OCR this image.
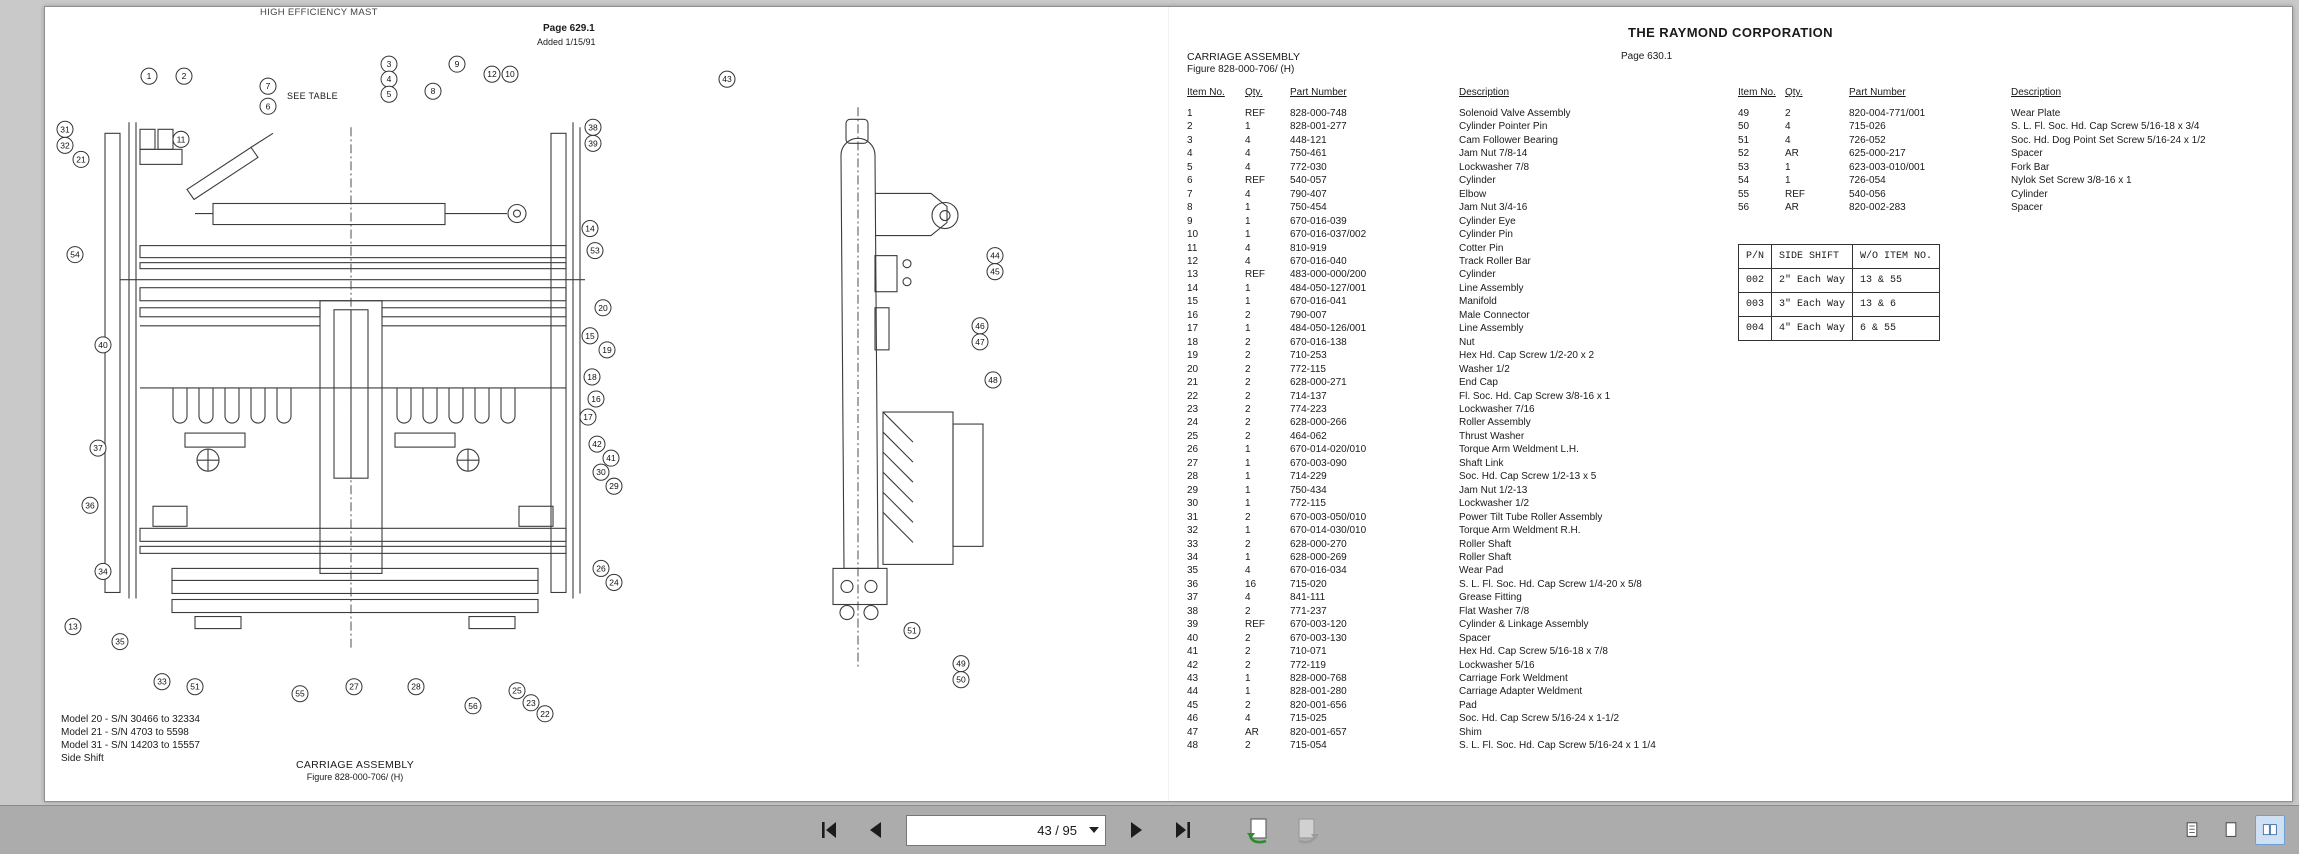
1	2
11
7
6
3
4
5	8
9
12 10
31
32
21
54
40
37
36
34
13
35
33
51
55
27	28
56
25
23
22
38
39
14
53
20
15
19
18
16
17
42
41
30
29
26
24
43
44
45
46
47
48
51
49
50
HIGH EFFICIENCY MAST
Page 629.1
Added 1/15/91
SEE TABLE
Model 20 - S/N 30466 to 32334
Model 21 - S/N 4703 to 5598
Model 31 - S/N 14203 to 15557
Side Shift
CARRIAGE ASSEMBLY
Figure 828-000-706/ (H)
THE RAYMOND CORPORATION
CARRIAGE ASSEMBLY
Figure 828-000-706/ (H)
Page 630.1
Item No.	Qty.	Part Number	Description
1	REF	828-000-748	Solenoid Valve Assembly
2	1	828-001-277	Cylinder Pointer Pin
3	4	448-121	Cam Follower Bearing
4	4	750-461	Jam Nut 7/8-14
5	4	772-030	Lockwasher 7/8
6	REF	540-057	Cylinder
7	4	790-407	Elbow
8	1	750-454	Jam Nut 3/4-16
9	1	670-016-039	Cylinder Eye
10	1	670-016-037/002	Cylinder Pin
11	4	810-919	Cotter Pin
12	4	670-016-040	Track Roller Bar
13	REF	483-000-000/200	Cylinder
14	1	484-050-127/001	Line Assembly
15	1	670-016-041	Manifold
16	2	790-007	Male Connector
17	1	484-050-126/001	Line Assembly
18	2	670-016-138	Nut
19	2	710-253	Hex Hd. Cap Screw 1/2-20 x 2
20	2	772-115	Washer 1/2
21	2	628-000-271	End Cap
22	2	714-137	Fl. Soc. Hd. Cap Screw 3/8-16 x 1
23	2	774-223	Lockwasher 7/16
24	2	628-000-266	Roller Assembly
25	2	464-062	Thrust Washer
26	1	670-014-020/010	Torque Arm Weldment L.H.
27	1	670-003-090	Shaft Link
28	1	714-229	Soc. Hd. Cap Screw 1/2-13 x 5
29	1	750-434	Jam Nut 1/2-13
30	1	772-115	Lockwasher 1/2
31	2	670-003-050/010	Power Tilt Tube Roller Assembly
32	1	670-014-030/010	Torque Arm Weldment R.H.
33	2	628-000-270	Roller Shaft
34	1	628-000-269	Roller Shaft
35	4	670-016-034	Wear Pad
36	16	715-020	S. L. Fl. Soc. Hd. Cap Screw 1/4-20 x 5/8
37	4	841-111	Grease Fitting
38	2	771-237	Flat Washer 7/8
39	REF	670-003-120	Cylinder & Linkage Assembly
40	2	670-003-130	Spacer
41	2	710-071	Hex Hd. Cap Screw 5/16-18 x 7/8
42	2	772-119	Lockwasher 5/16
43	1	828-000-768	Carriage Fork Weldment
44	1	828-001-280	Carriage Adapter Weldment
45	2	820-001-656	Pad
46	4	715-025	Soc. Hd. Cap Screw 5/16-24 x 1-1/2
47	AR	820-001-657	Shim
48	2	715-054	S. L. Fl. Soc. Hd. Cap Screw 5/16-24 x 1 1/4
Item No.	Qty.	Part Number	Description
49	2	820-004-771/001	Wear Plate
50	4	715-026	S. L. Fl. Soc. Hd. Cap Screw 5/16-18 x 3/4
51	4	726-052	Soc. Hd. Dog Point Set Screw 5/16-24 x 1/2
52	AR	625-000-217	Spacer
53	1	623-003-010/001	Fork Bar
54	1	726-054	Nylok Set Screw 3/8-16 x 1
55	REF	540-056	Cylinder
56	AR	820-002-283	Spacer
P/N	SIDE SHIFT	W/O ITEM NO.
002	2" Each Way	13 & 55
003	3" Each Way	13 & 6
004	4" Each Way	6 & 55
43 / 95
